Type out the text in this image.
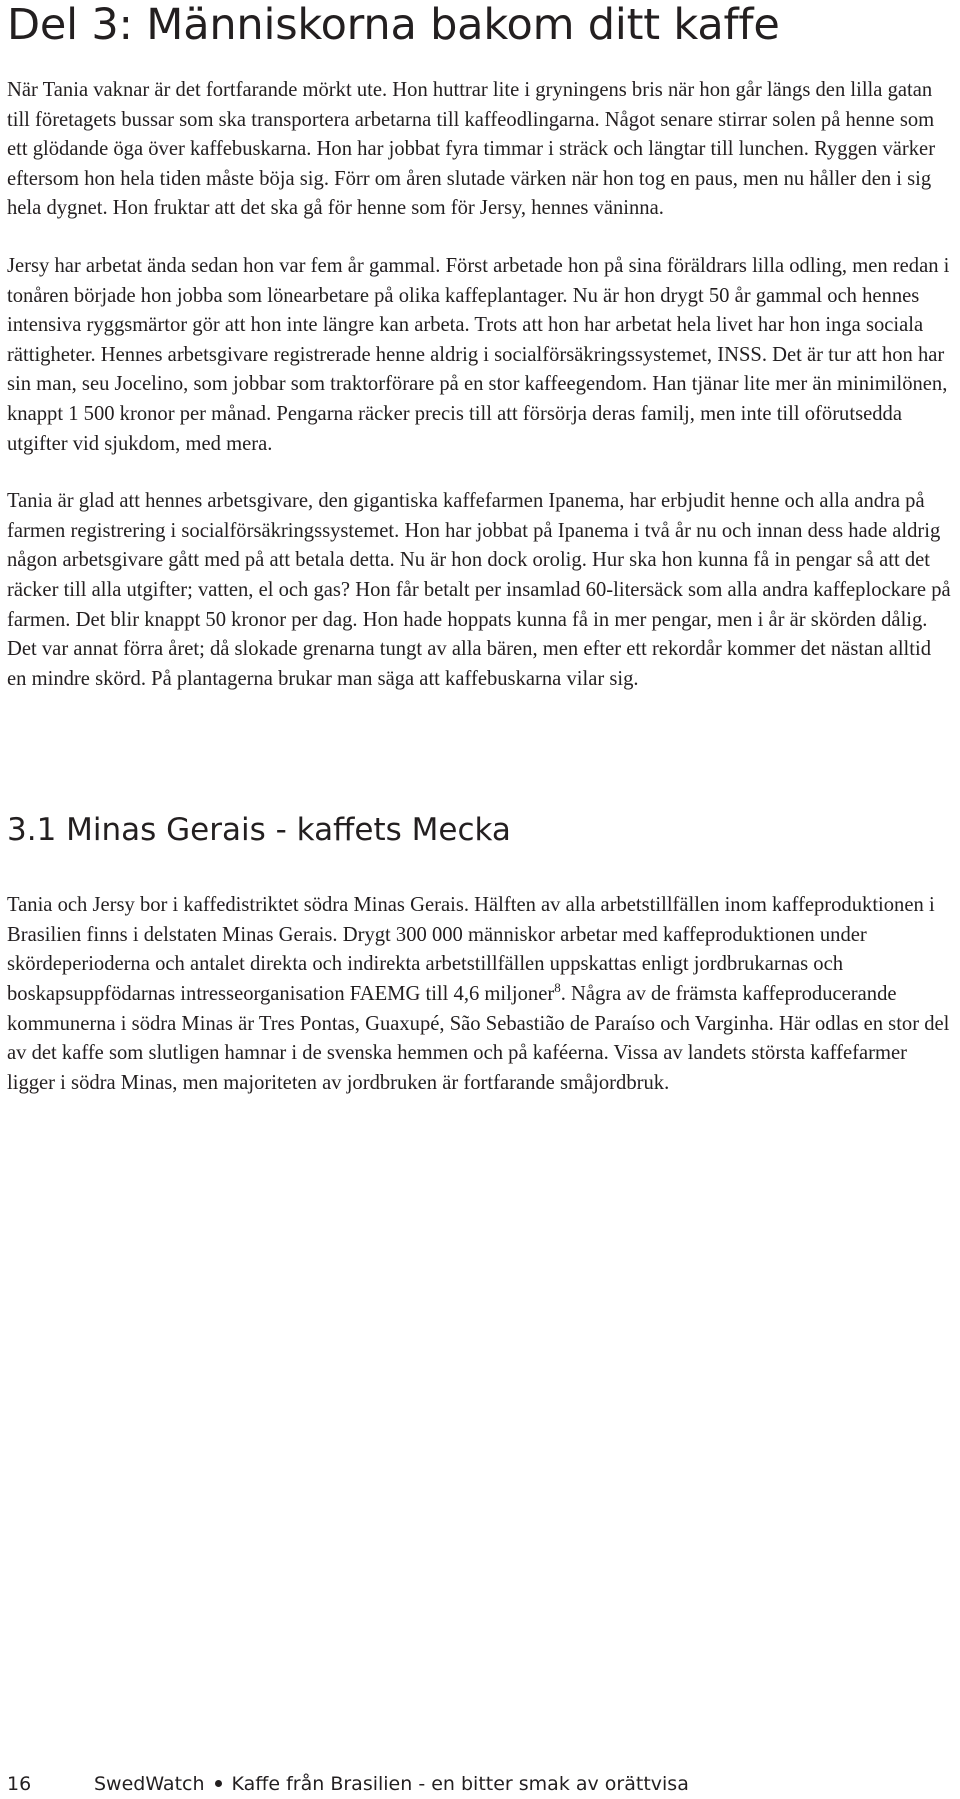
Del 3: Människorna bakom ditt kaffe

När Tania vaknar är det fortfarande mörkt ute. Hon huttrar lite i gryningens bris när hon går längs den lilla gatan till företagets bussar som ska transportera arbetarna till kaffeodlingarna. Något senare stirrar solen på henne som ett glödande öga över kaffebuskarna. Hon har jobbat fyra timmar i sträck och längtar till lunchen. Ryggen värker eftersom hon hela tiden måste böja sig. Förr om åren slutade värken när hon tog en paus, men nu håller den i sig hela dygnet. Hon fruktar att det ska gå för henne som för Jersy, hennes väninna.

Jersy har arbetat ända sedan hon var fem år gammal. Först arbetade hon på sina föräldrars lilla odling, men redan i tonåren började hon jobba som lönearbetare på olika kaffeplantager. Nu är hon drygt 50 år gammal och hennes intensiva ryggsmärtor gör att hon inte längre kan arbeta. Trots att hon har arbetat hela livet har hon inga sociala rättigheter. Hennes arbetsgivare registrerade henne aldrig i socialförsäkringssystemet, INSS. Det är tur att hon har sin man, seu Jocelino, som jobbar som traktorförare på en stor kaffeegendom. Han tjänar lite mer än minimilönen, knappt 1 500 kronor per månad. Pengarna räcker precis till att försörja deras familj, men inte till oförutsedda utgifter vid sjukdom, med mera.

Tania är glad att hennes arbetsgivare, den gigantiska kaffefarmen Ipanema, har erbjudit henne och alla andra på farmen registrering i socialförsäkringssystemet. Hon har jobbat på Ipanema i två år nu och innan dess hade aldrig någon arbetsgivare gått med på att betala detta. Nu är hon dock orolig. Hur ska hon kunna få in pengar så att det räcker till alla utgifter; vatten, el och gas? Hon får betalt per insamlad 60-litersäck som alla andra kaffeplockare på farmen. Det blir knappt 50 kronor per dag. Hon hade hoppats kunna få in mer pengar, men i år är skörden dålig. Det var annat förra året; då slokade grenarna tungt av alla bären, men efter ett rekordår kommer det nästan alltid en mindre skörd. På plantagerna brukar man säga att kaffebuskarna vilar sig.

3.1 Minas Gerais - kaffets Mecka

Tania och Jersy bor i kaffedistriktet södra Minas Gerais. Hälften av alla arbetstillfällen inom kaffeproduktionen i Brasilien finns i delstaten Minas Gerais. Drygt 300 000 människor arbetar med kaffeproduktionen under skördeperioderna och antalet direkta och indirekta arbetstillfällen uppskattas enligt jordbrukarnas och boskapsuppfödarnas intresseorganisation FAEMG till 4,6 miljoner$^8$. Några av de främsta kaffeproducerande kommunerna i södra Minas är Tres Pontas, Guaxupé, São Sebastião de Paraíso och Varginha. Här odlas en stor del av det kaffe som slutligen hamnar i de svenska hemmen och på kaféerna. Vissa av landets största kaffefarmer ligger i södra Minas, men majoriteten av jordbruken är fortfarande småjordbruk.

16	SwedWatch Kaffe från Brasilien - en bitter smak av orättvisa
